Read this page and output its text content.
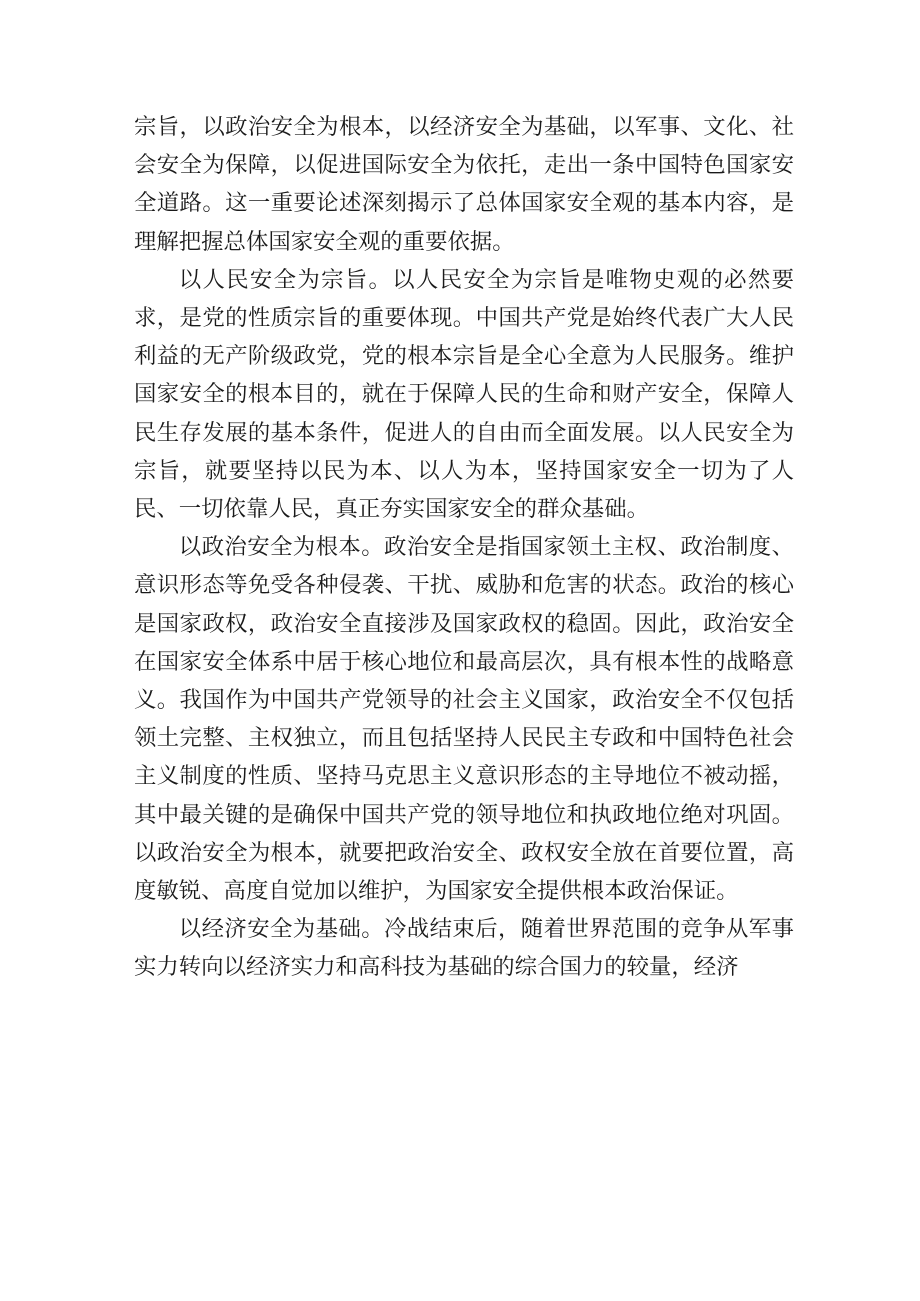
宗旨，以政治安全为根本，以经济安全为基础，以军事、文化、社会安全为保障，以促进国际安全为依托，走出一条中国特色国家安全道路。这一重要论述深刻揭示了总体国家安全观的基本内容，是理解把握总体国家安全观的重要依据。

以人民安全为宗旨。以人民安全为宗旨是唯物史观的必然要求，是党的性质宗旨的重要体现。中国共产党是始终代表广大人民利益的无产阶级政党，党的根本宗旨是全心全意为人民服务。维护国家安全的根本目的，就在于保障人民的生命和财产安全，保障人民生存发展的基本条件，促进人的自由而全面发展。以人民安全为宗旨，就要坚持以民为本、以人为本，坚持国家安全一切为了人民、一切依靠人民，真正夯实国家安全的群众基础。

以政治安全为根本。政治安全是指国家领土主权、政治制度、意识形态等免受各种侵袭、干扰、威胁和危害的状态。政治的核心是国家政权，政治安全直接涉及国家政权的稳固。因此，政治安全在国家安全体系中居于核心地位和最高层次，具有根本性的战略意义。我国作为中国共产党领导的社会主义国家，政治安全不仅包括领土完整、主权独立，而且包括坚持人民民主专政和中国特色社会主义制度的性质、坚持马克思主义意识形态的主导地位不被动摇，其中最关键的是确保中国共产党的领导地位和执政地位绝对巩固。以政治安全为根本，就要把政治安全、政权安全放在首要位置，高度敏锐、高度自觉加以维护，为国家安全提供根本政治保证。

以经济安全为基础。冷战结束后，随着世界范围的竞争从军事实力转向以经济实力和高科技为基础的综合国力的较量，经济
